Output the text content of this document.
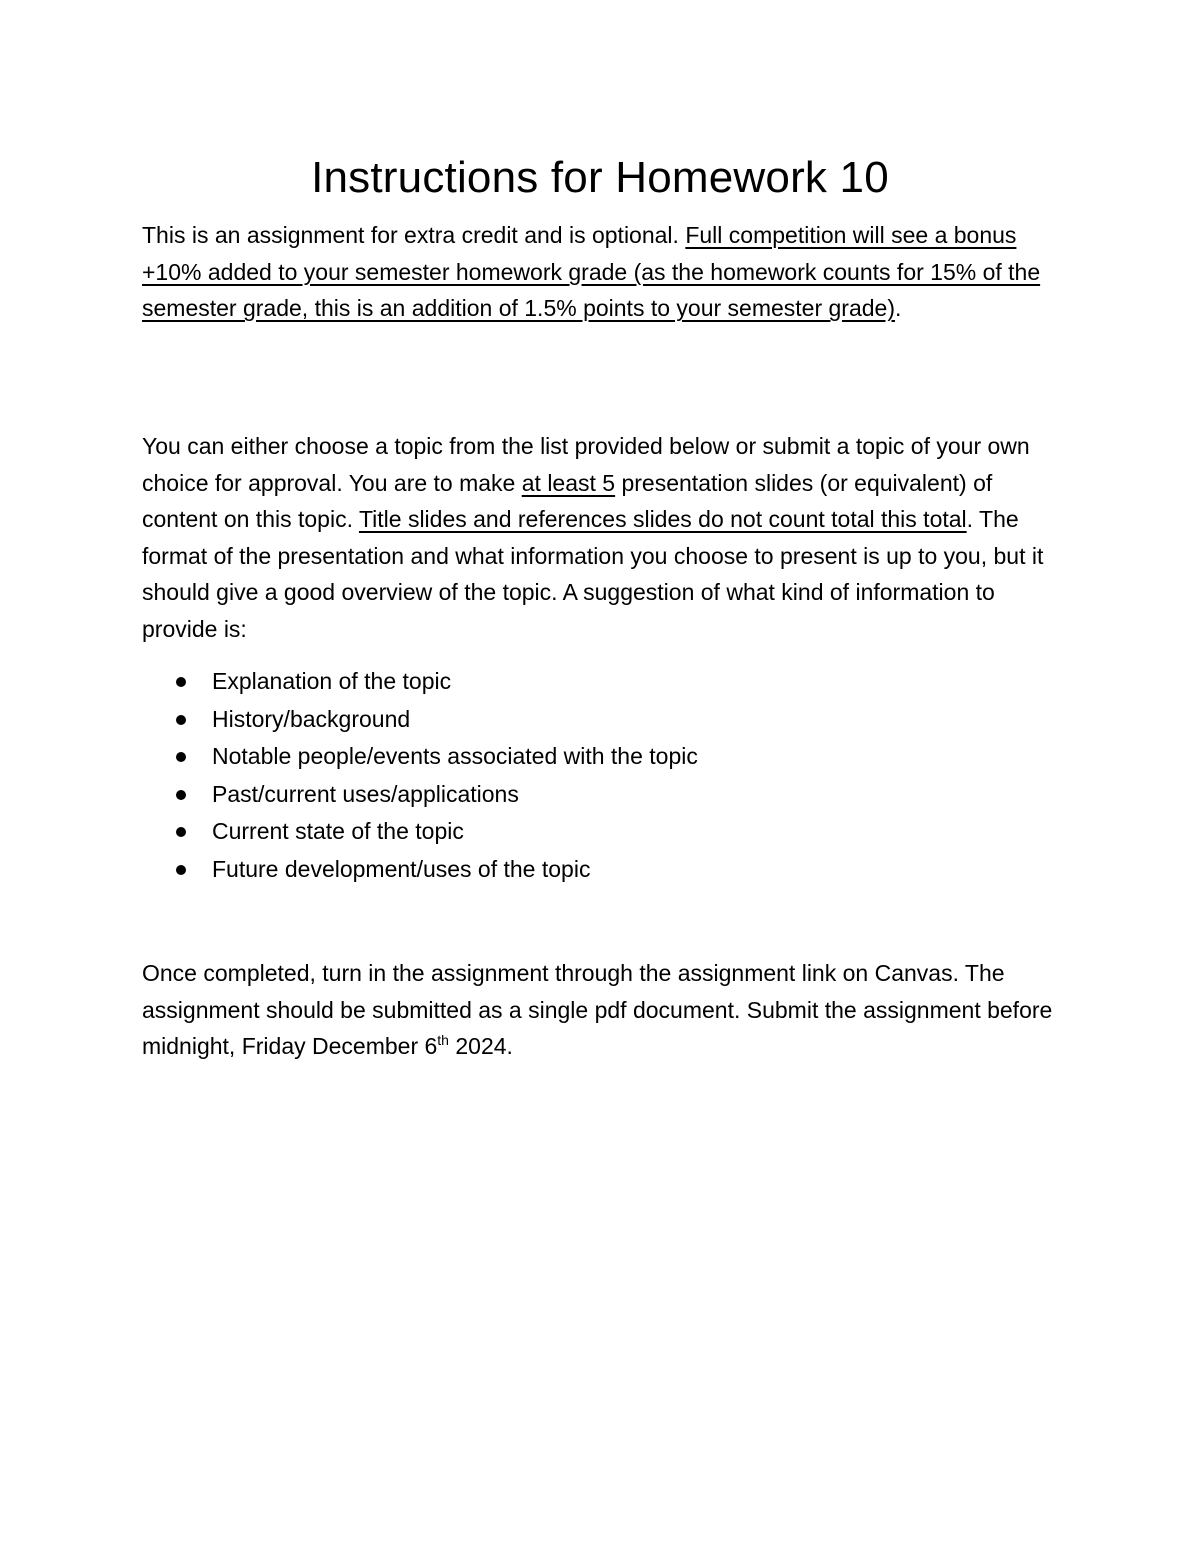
Instructions for Homework 10

This is an assignment for extra credit and is optional. Full competition will see a bonus +10% added to your semester homework grade (as the homework counts for 15% of the semester grade, this is an addition of 1.5% points to your semester grade).

You can either choose a topic from the list provided below or submit a topic of your own choice for approval. You are to make at least 5 presentation slides (or equivalent) of content on this topic. Title slides and references slides do not count total this total. The format of the presentation and what information you choose to present is up to you, but it should give a good overview of the topic. A suggestion of what kind of information to provide is:

Explanation of the topic
History/background
Notable people/events associated with the topic
Past/current uses/applications
Current state of the topic
Future development/uses of the topic

Once completed, turn in the assignment through the assignment link on Canvas. The assignment should be submitted as a single pdf document. Submit the assignment before midnight, Friday December 6th 2024.
